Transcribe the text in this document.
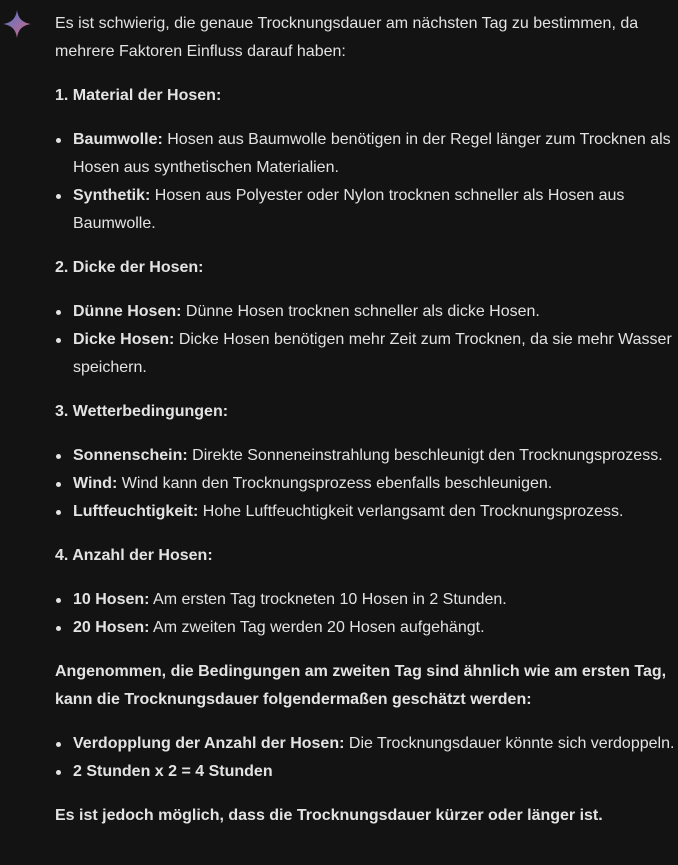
Es ist schwierig, die genaue Trocknungsdauer am nächsten Tag zu bestimmen, da mehrere Faktoren Einfluss darauf haben:

1. Material der Hosen:

Baumwolle: Hosen aus Baumwolle benötigen in der Regel länger zum Trocknen als Hosen aus synthetischen Materialien.
Synthetik: Hosen aus Polyester oder Nylon trocknen schneller als Hosen aus Baumwolle.

2. Dicke der Hosen:

Dünne Hosen: Dünne Hosen trocknen schneller als dicke Hosen.
Dicke Hosen: Dicke Hosen benötigen mehr Zeit zum Trocknen, da sie mehr Wasser speichern.

3. Wetterbedingungen:

Sonnenschein: Direkte Sonneneinstrahlung beschleunigt den Trocknungsprozess.
Wind: Wind kann den Trocknungsprozess ebenfalls beschleunigen.
Luftfeuchtigkeit: Hohe Luftfeuchtigkeit verlangsamt den Trocknungsprozess.

4. Anzahl der Hosen:

10 Hosen: Am ersten Tag trockneten 10 Hosen in 2 Stunden.
20 Hosen: Am zweiten Tag werden 20 Hosen aufgehängt.

Angenommen, die Bedingungen am zweiten Tag sind ähnlich wie am ersten Tag, kann die Trocknungsdauer folgendermaßen geschätzt werden:

Verdopplung der Anzahl der Hosen: Die Trocknungsdauer könnte sich verdoppeln.
2 Stunden x 2 = 4 Stunden

Es ist jedoch möglich, dass die Trocknungsdauer kürzer oder länger ist.
